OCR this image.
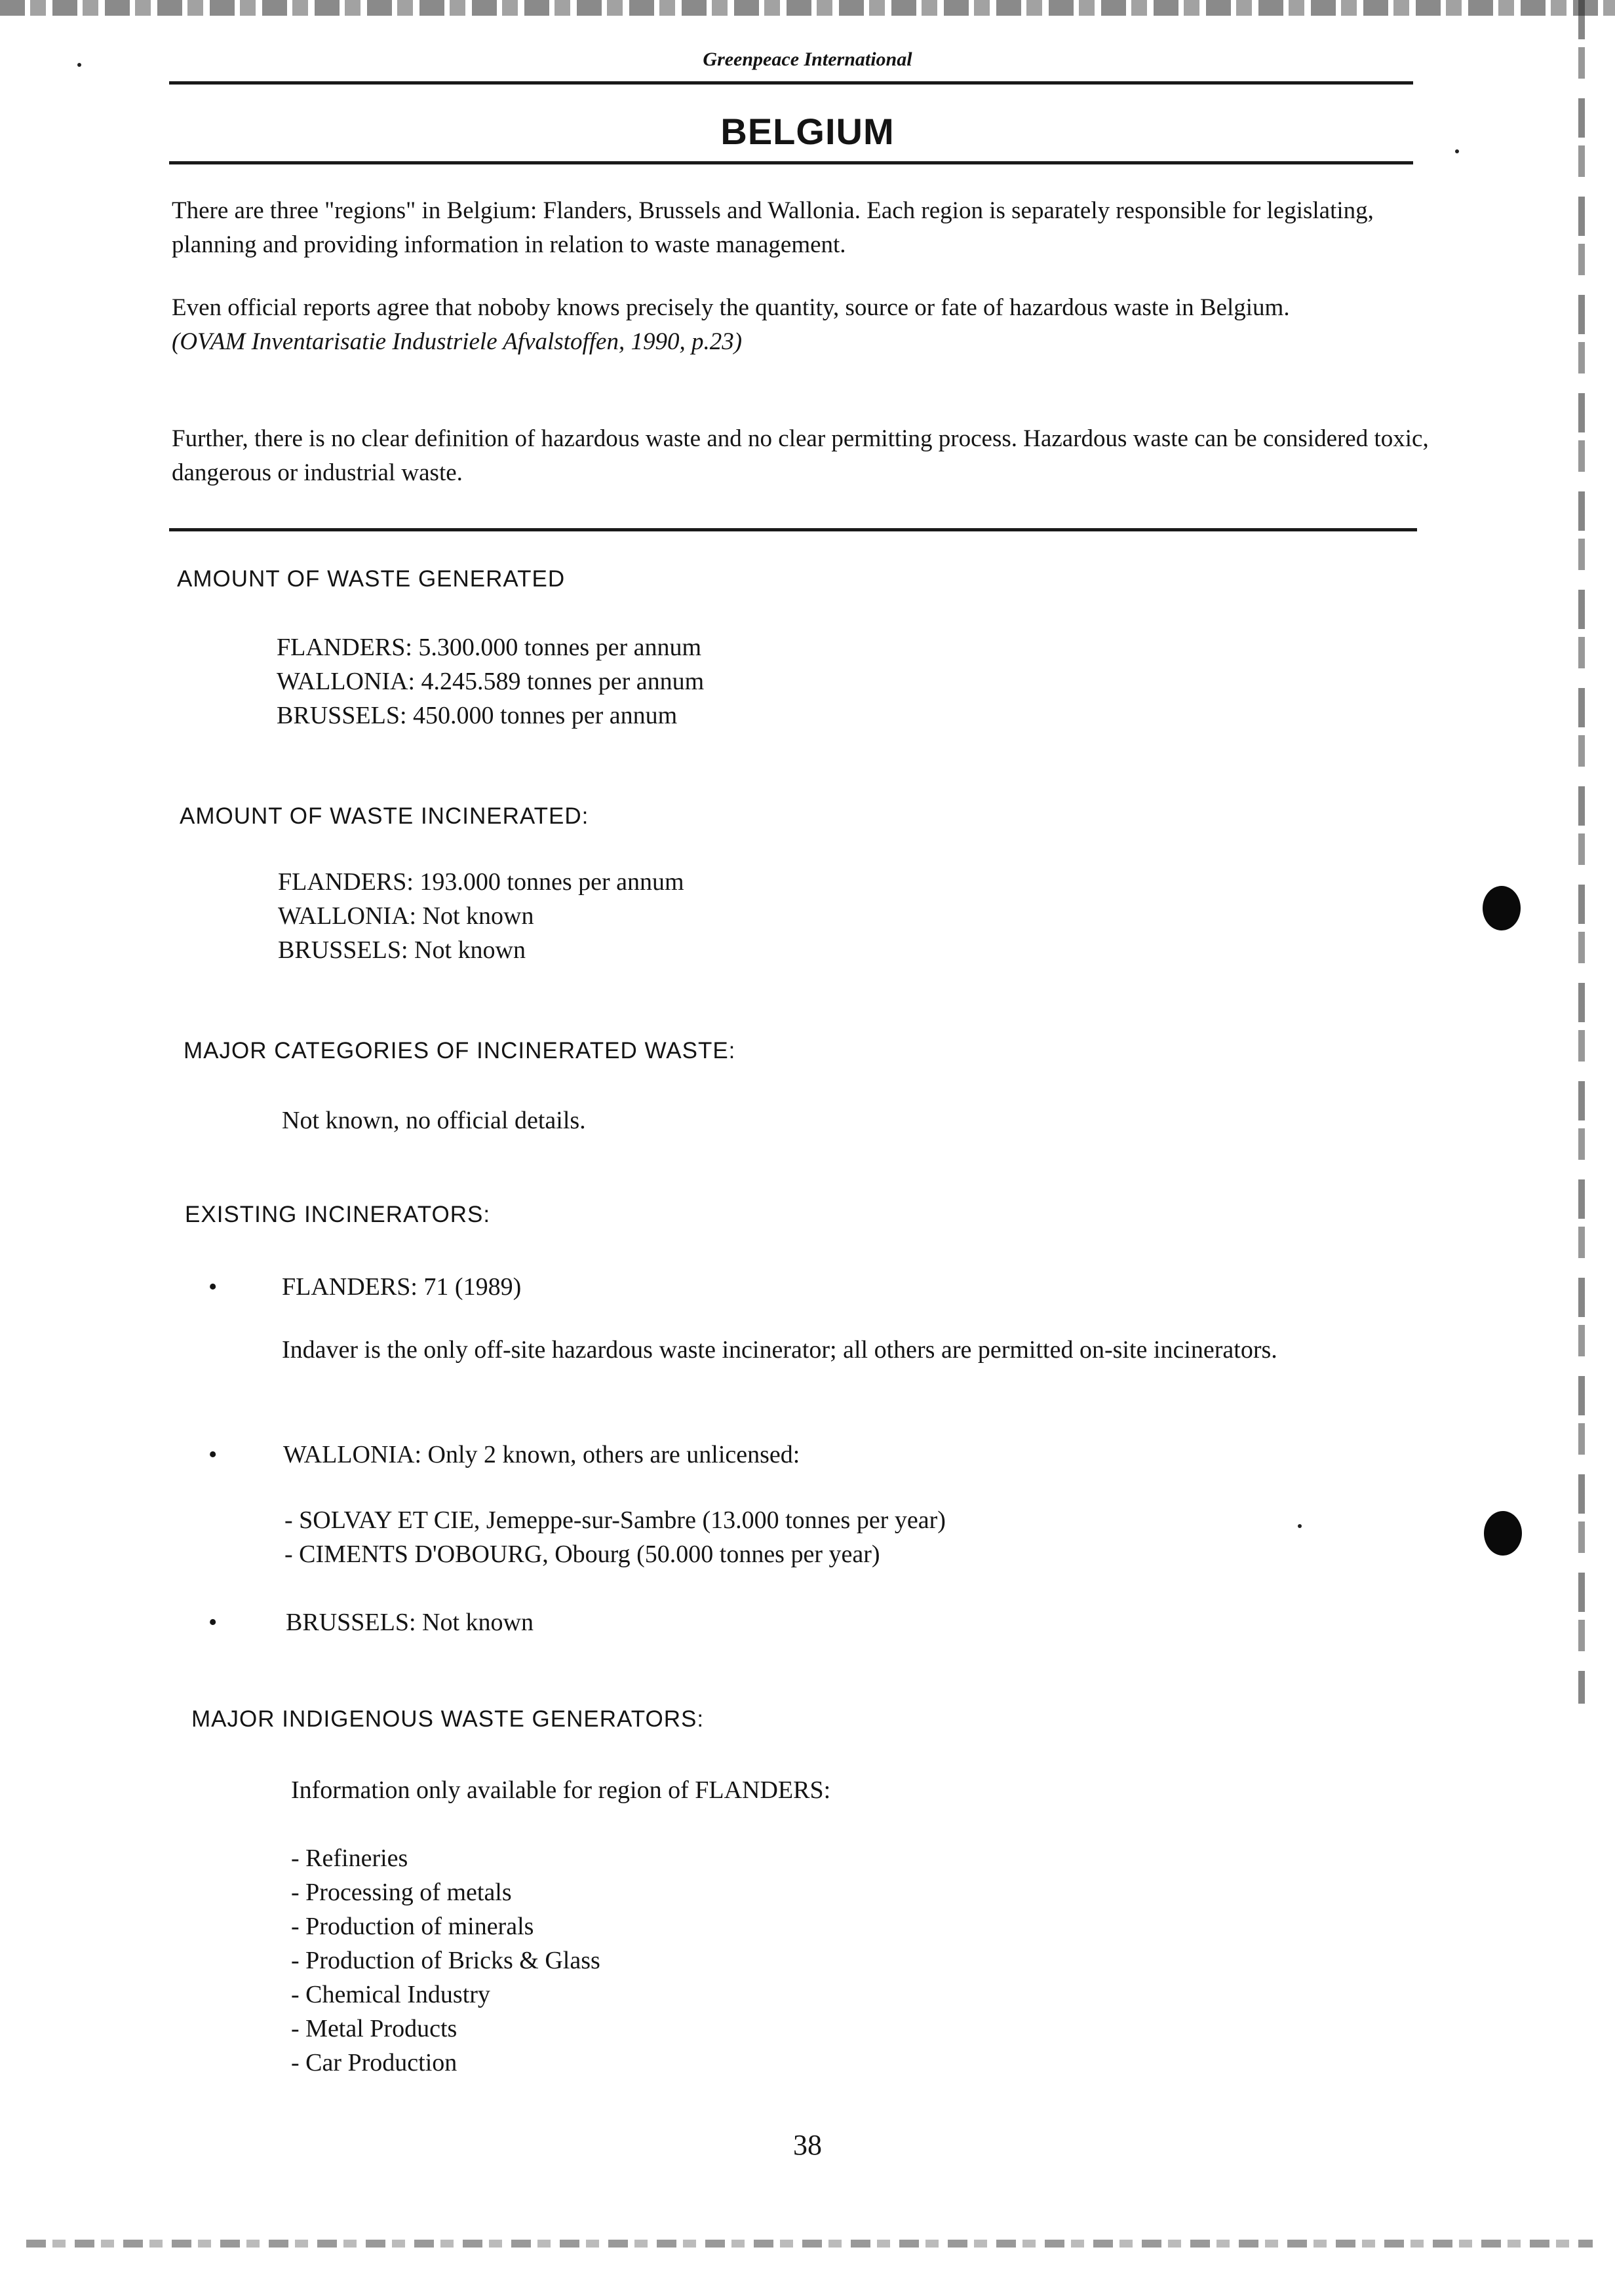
Greenpeace International
BELGIUM
There are three "regions" in Belgium: Flanders, Brussels and Wallonia. Each region is separately responsible for legislating, planning and providing information in relation to waste management.
Even official reports agree that noboby knows precisely the quantity, source or fate of hazardous waste in Belgium.
(OVAM Inventarisatie Industriele Afvalstoffen, 1990, p.23)
Further, there is no clear definition of hazardous waste and no clear permitting process. Hazardous waste can be considered toxic, dangerous or industrial waste.
AMOUNT OF WASTE GENERATED
FLANDERS: 5.300.000 tonnes per annum
WALLONIA: 4.245.589 tonnes per annum
BRUSSELS: 450.000 tonnes per annum
AMOUNT OF WASTE INCINERATED:
FLANDERS: 193.000 tonnes per annum
WALLONIA: Not known
BRUSSELS: Not known
MAJOR CATEGORIES OF INCINERATED WASTE:
Not known, no official details.
EXISTING INCINERATORS:
•	FLANDERS: 71 (1989)
Indaver is the only off-site hazardous waste incinerator; all others are permitted on-site incinerators.
•	WALLONIA: Only 2 known, others are unlicensed:
- SOLVAY ET CIE, Jemeppe-sur-Sambre (13.000 tonnes per year)
- CIMENTS D'OBOURG, Obourg (50.000 tonnes per year)
•	BRUSSELS: Not known
MAJOR INDIGENOUS WASTE GENERATORS:
Information only available for region of FLANDERS:
- Refineries
- Processing of metals
- Production of minerals
- Production of Bricks & Glass
- Chemical Industry
- Metal Products
- Car Production
38
